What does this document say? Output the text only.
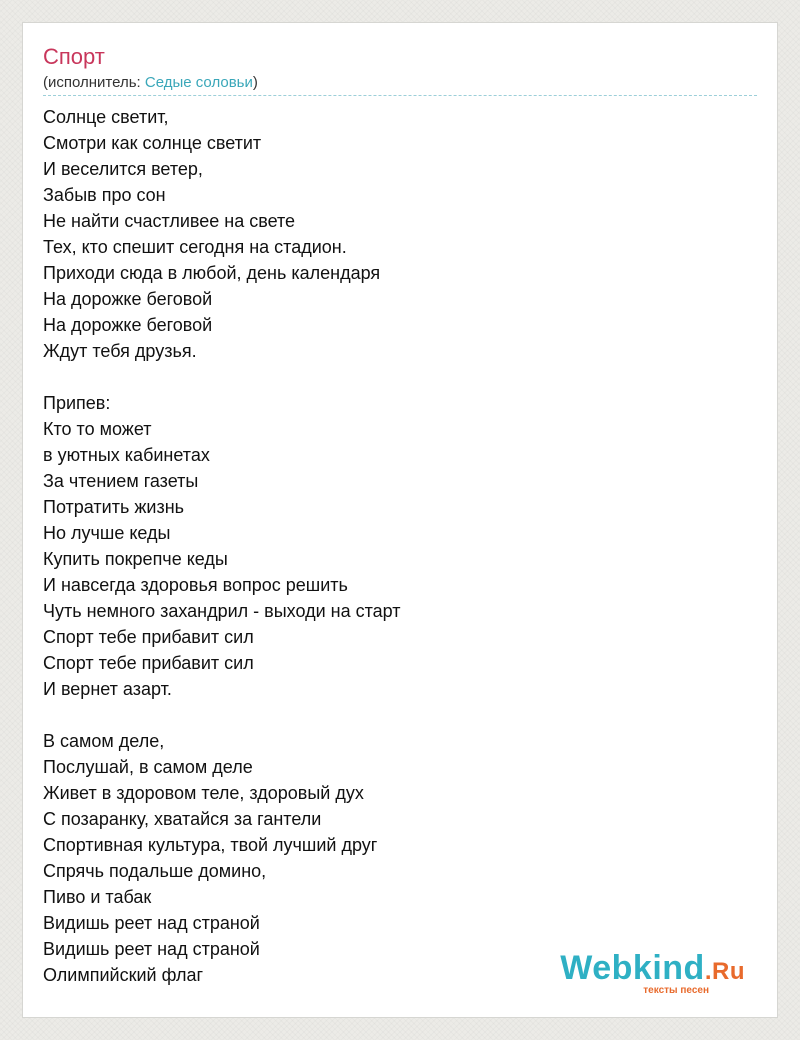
Спорт
(исполнитель: Седые соловьи)
Солнце светит,
Смотри как солнце светит
И веселится ветер,
Забыв про сон
Не найти счастливее на свете
Тех, кто спешит сегодня на стадион.
Приходи сюда в любой, день календаря
На дорожке беговой
На дорожке беговой
Ждут тебя друзья.
Припев:
Кто то может
в уютных кабинетах
За чтением газеты
Потратить жизнь
Но лучше кеды
Купить покрепче кеды
И навсегда здоровья вопрос решить
Чуть немного захандрил - выходи на старт
Спорт тебе прибавит сил
Спорт тебе прибавит сил
И вернет азарт.
В самом деле,
Послушай, в самом деле
Живет в здоровом теле, здоровый дух
С позаранку, хватайся за гантели
Спортивная культура, твой лучший друг
Спрячь подальше домино,
Пиво и табак
Видишь реет над страной
Видишь реет над страной
Олимпийский флаг	Webkind.Ru
тексты песен
